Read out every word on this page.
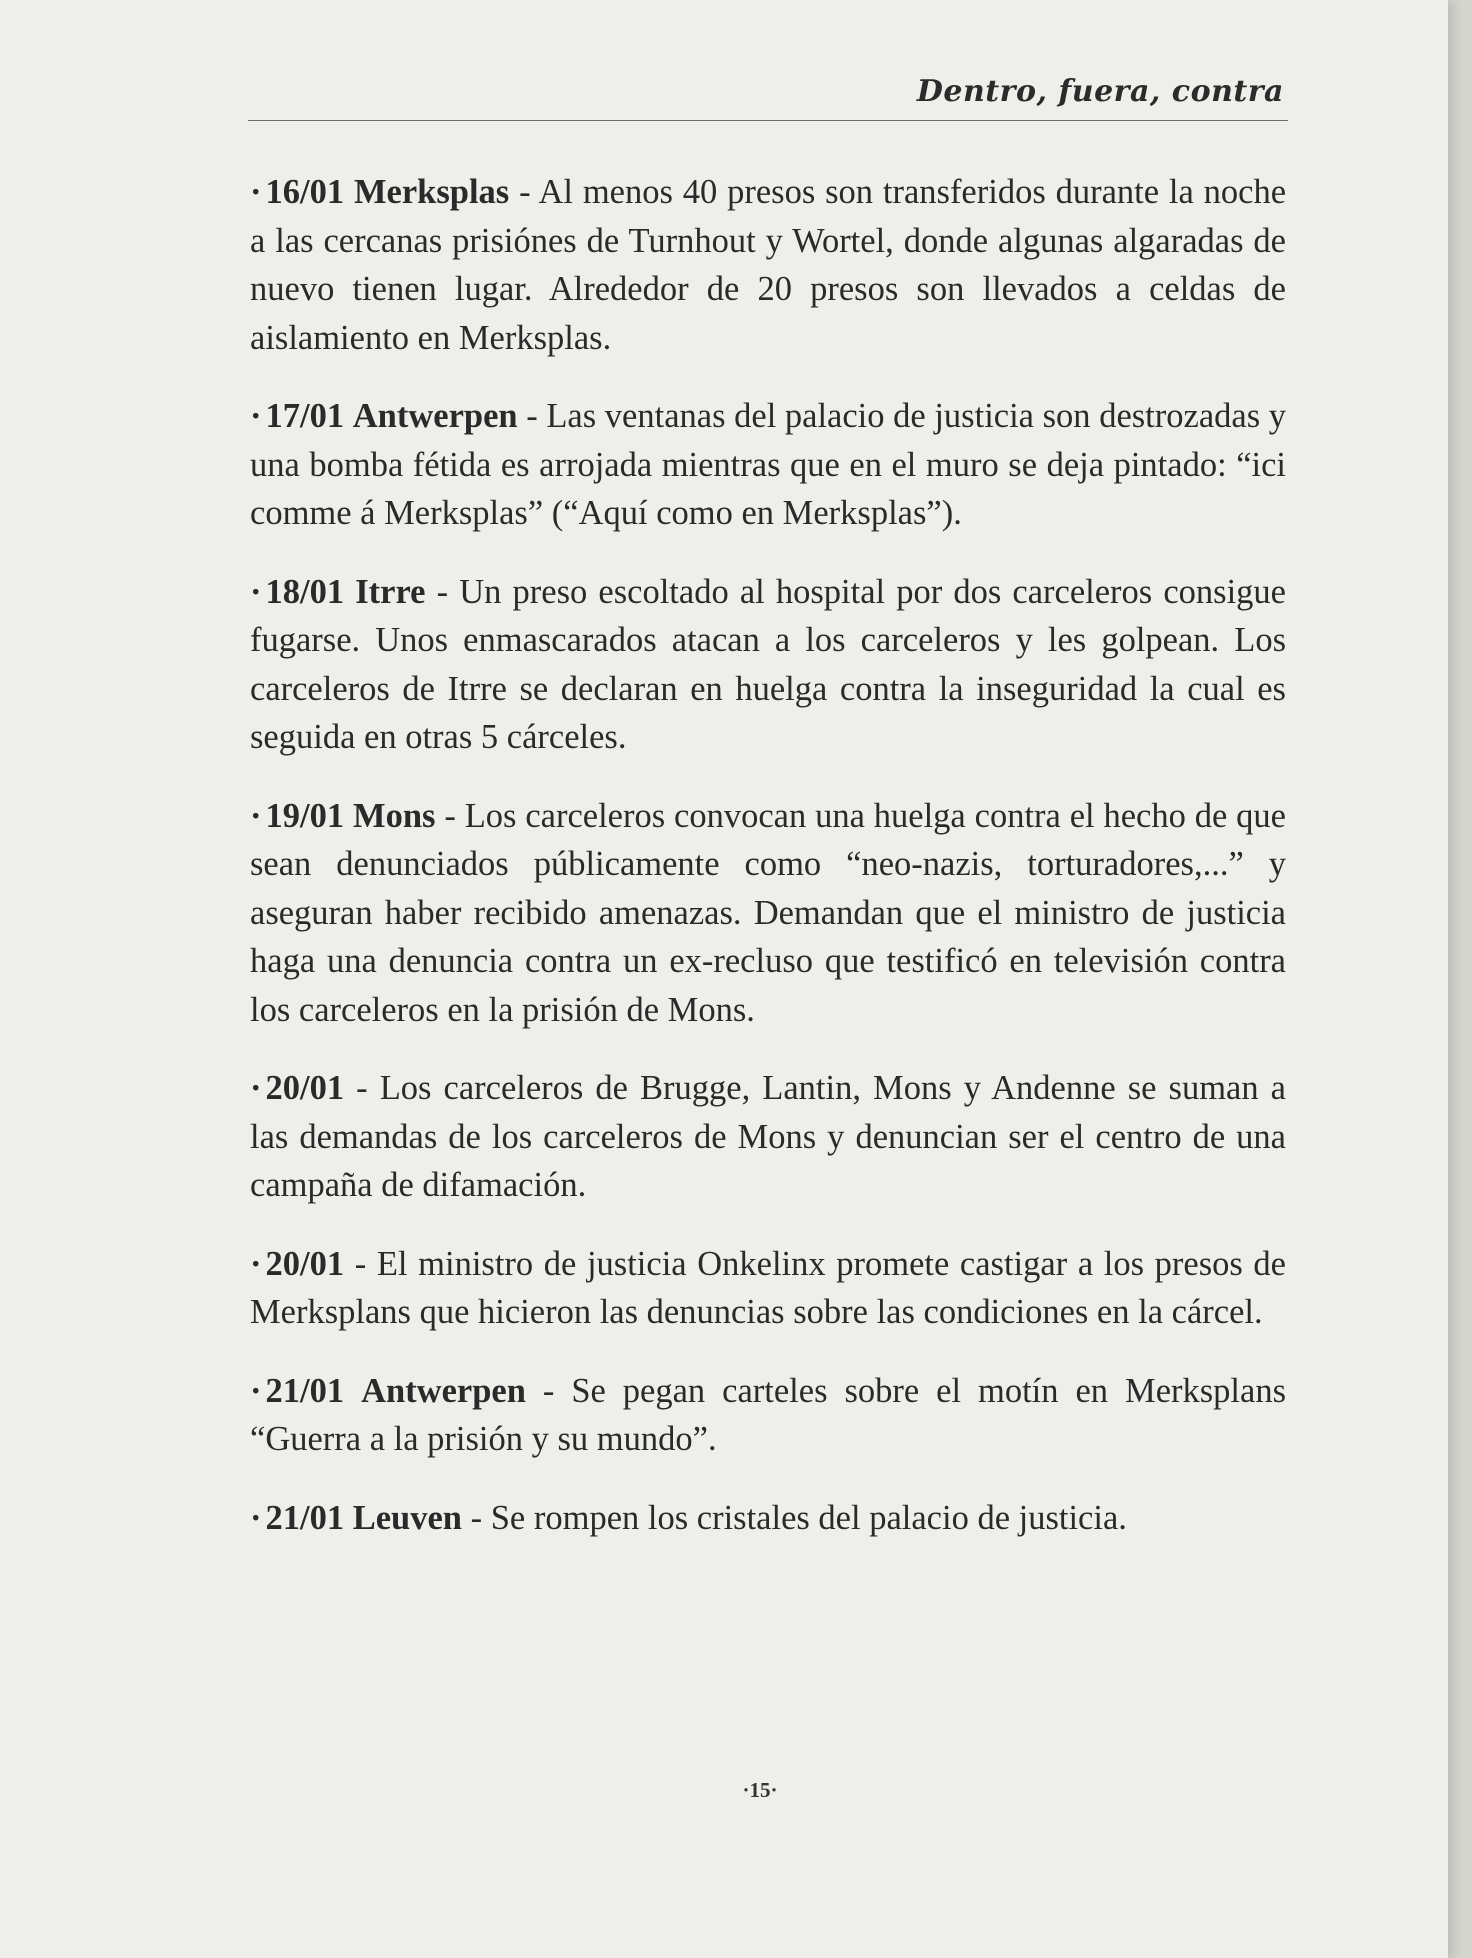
Dentro, fuera, contra

· 16/01 Merksplas - Al menos 40 presos son transferidos durante la noche a las cercanas prisiónes de Turnhout y Wortel, donde algunas algaradas de nuevo tienen lugar. Alrededor de 20 presos son llevados a celdas de aislamiento en Merksplas.

· 17/01 Antwerpen - Las ventanas del palacio de justicia son destrozadas y una bomba fétida es arrojada mientras que en el muro se deja pintado: “ici comme á Merksplas” (“Aquí como en Merksplas”).

· 18/01 Itrre - Un preso escoltado al hospital por dos carceleros consigue fugarse. Unos enmascarados atacan a los carceleros y les golpean. Los carceleros de Itrre se declaran en huelga contra la inseguridad la cual es seguida en otras 5 cárceles.

· 19/01 Mons - Los carceleros convocan una huelga contra el hecho de que sean denunciados públicamente como “neo-nazis, torturadores,...” y aseguran haber recibido amenazas. Demandan que el ministro de justicia haga una denuncia contra un ex-recluso que testificó en televisión contra los carceleros en la prisión de Mons.

· 20/01 - Los carceleros de Brugge, Lantin, Mons y Andenne se suman a las demandas de los carceleros de Mons y denuncian ser el centro de una campaña de difamación.

· 20/01 - El ministro de justicia Onkelinx promete castigar a los presos de Merksplans que hicieron las denuncias sobre las condiciones en la cárcel.

· 21/01 Antwerpen - Se pegan carteles sobre el motín en Merksplans “Guerra a la prisión y su mundo”.

· 21/01 Leuven - Se rompen los cristales del palacio de justicia.

·15·
